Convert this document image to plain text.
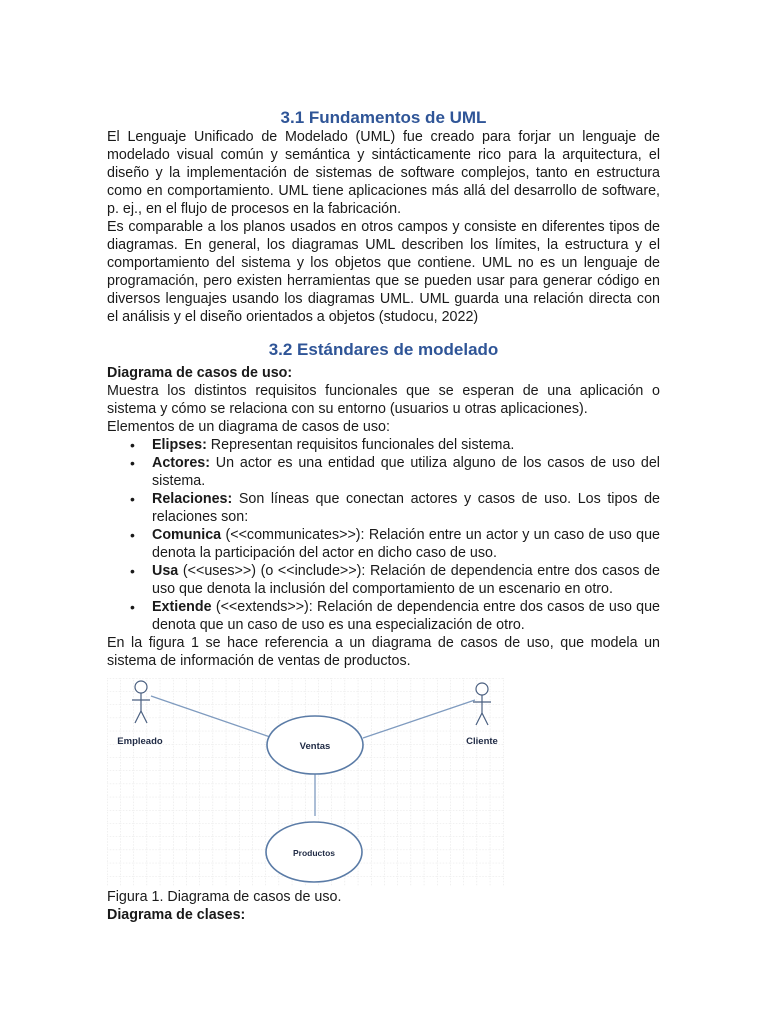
3.1 Fundamentos de UML

El Lenguaje Unificado de Modelado (UML) fue creado para forjar un lenguaje de modelado visual común y semántica y sintácticamente rico para la arquitectura, el diseño y la implementación de sistemas de software complejos, tanto en estructura como en comportamiento. UML tiene aplicaciones más allá del desarrollo de software, p. ej., en el flujo de procesos en la fabricación.

Es comparable a los planos usados en otros campos y consiste en diferentes tipos de diagramas. En general, los diagramas UML describen los límites, la estructura y el comportamiento del sistema y los objetos que contiene. UML no es un lenguaje de programación, pero existen herramientas que se pueden usar para generar código en diversos lenguajes usando los diagramas UML. UML guarda una relación directa con el análisis y el diseño orientados a objetos (studocu, 2022)

3.2 Estándares de modelado
Diagrama de casos de uso:

Muestra los distintos requisitos funcionales que se esperan de una aplicación o sistema y cómo se relaciona con su entorno (usuarios u otras aplicaciones).

Elementos de un diagrama de casos de uso:
• Elipses: Representan requisitos funcionales del sistema.
• Actores: Un actor es una entidad que utiliza alguno de los casos de uso del sistema.
• Relaciones: Son líneas que conectan actores y casos de uso. Los tipos de relaciones son:
• Comunica (<<communicates>>): Relación entre un actor y un caso de uso que denota la participación del actor en dicho caso de uso.
• Usa (<<uses>>) (o <<include>>): Relación de dependencia entre dos casos de uso que denota la inclusión del comportamiento de un escenario en otro.
• Extiende (<<extends>>): Relación de dependencia entre dos casos de uso que denota que un caso de uso es una especialización de otro.

En la figura 1 se hace referencia a un diagrama de casos de uso, que modela un sistema de información de ventas de productos.

Empleado	Cliente
Ventas
Productos
Figura 1. Diagrama de casos de uso.
Diagrama de clases:
